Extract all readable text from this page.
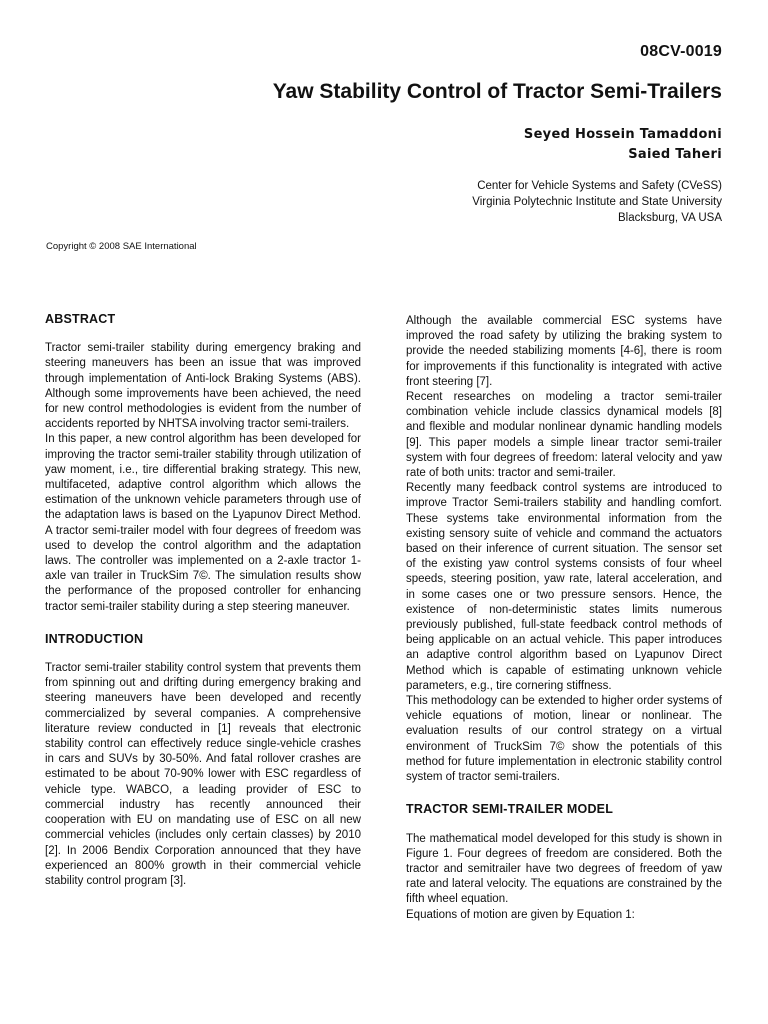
08CV-0019

Yaw Stability Control of Tractor Semi-Trailers

Seyed Hossein Tamaddoni

Saied Taheri

Center for Vehicle Systems and Safety (CVeSS)

Virginia Polytechnic Institute and State University

Blacksburg, VA USA

Copyright © 2008 SAE International

ABSTRACT

Tractor semi-trailer stability during emergency braking and steering maneuvers has been an issue that was improved through implementation of Anti-lock Braking Systems (ABS). Although some improvements have been achieved, the need for new control methodologies is evident from the number of accidents reported by NHTSA involving tractor semi-trailers.

In this paper, a new control algorithm has been developed for improving the tractor semi-trailer stability through utilization of yaw moment, i.e., tire differential braking strategy. This new, multifaceted, adaptive control algorithm which allows the estimation of the unknown vehicle parameters through use of the adaptation laws is based on the Lyapunov Direct Method. A tractor semi-trailer model with four degrees of freedom was used to develop the control algorithm and the adaptation laws. The controller was implemented on a 2-axle tractor 1-axle van trailer in TruckSim 7©. The simulation results show the performance of the proposed controller for enhancing tractor semi-trailer stability during a step steering maneuver.

INTRODUCTION

Tractor semi-trailer stability control system that prevents them from spinning out and drifting during emergency braking and steering maneuvers have been developed and recently commercialized by several companies. A comprehensive literature review conducted in [1] reveals that electronic stability control can effectively reduce single-vehicle crashes in cars and SUVs by 30-50%. And fatal rollover crashes are estimated to be about 70-90% lower with ESC regardless of vehicle type. WABCO, a leading provider of ESC to commercial industry has recently announced their cooperation with EU on mandating use of ESC on all new commercial vehicles (includes only certain classes) by 2010 [2]. In 2006 Bendix Corporation announced that they have experienced an 800% growth in their commercial vehicle stability control program [3].

Although the available commercial ESC systems have improved the road safety by utilizing the braking system to provide the needed stabilizing moments [4-6], there is room for improvements if this functionality is integrated with active front steering [7].

Recent researches on modeling a tractor semi-trailer combination vehicle include classics dynamical models [8] and flexible and modular nonlinear dynamic handling models [9]. This paper models a simple linear tractor semi-trailer system with four degrees of freedom: lateral velocity and yaw rate of both units: tractor and semi-trailer.

Recently many feedback control systems are introduced to improve Tractor Semi-trailers stability and handling comfort. These systems take environmental information from the existing sensory suite of vehicle and command the actuators based on their inference of current situation. The sensor set of the existing yaw control systems consists of four wheel speeds, steering position, yaw rate, lateral acceleration, and in some cases one or two pressure sensors. Hence, the existence of non-deterministic states limits numerous previously published, full-state feedback control methods of being applicable on an actual vehicle. This paper introduces an adaptive control algorithm based on Lyapunov Direct Method which is capable of estimating unknown vehicle parameters, e.g., tire cornering stiffness.

This methodology can be extended to higher order systems of vehicle equations of motion, linear or nonlinear. The evaluation results of our control strategy on a virtual environment of TruckSim 7© show the potentials of this method for future implementation in electronic stability control system of tractor semi-trailers.

TRACTOR SEMI-TRAILER MODEL

The mathematical model developed for this study is shown in Figure 1. Four degrees of freedom are considered. Both the tractor and semitrailer have two degrees of freedom of yaw rate and lateral velocity. The equations are constrained by the fifth wheel equation.

Equations of motion are given by Equation 1:
